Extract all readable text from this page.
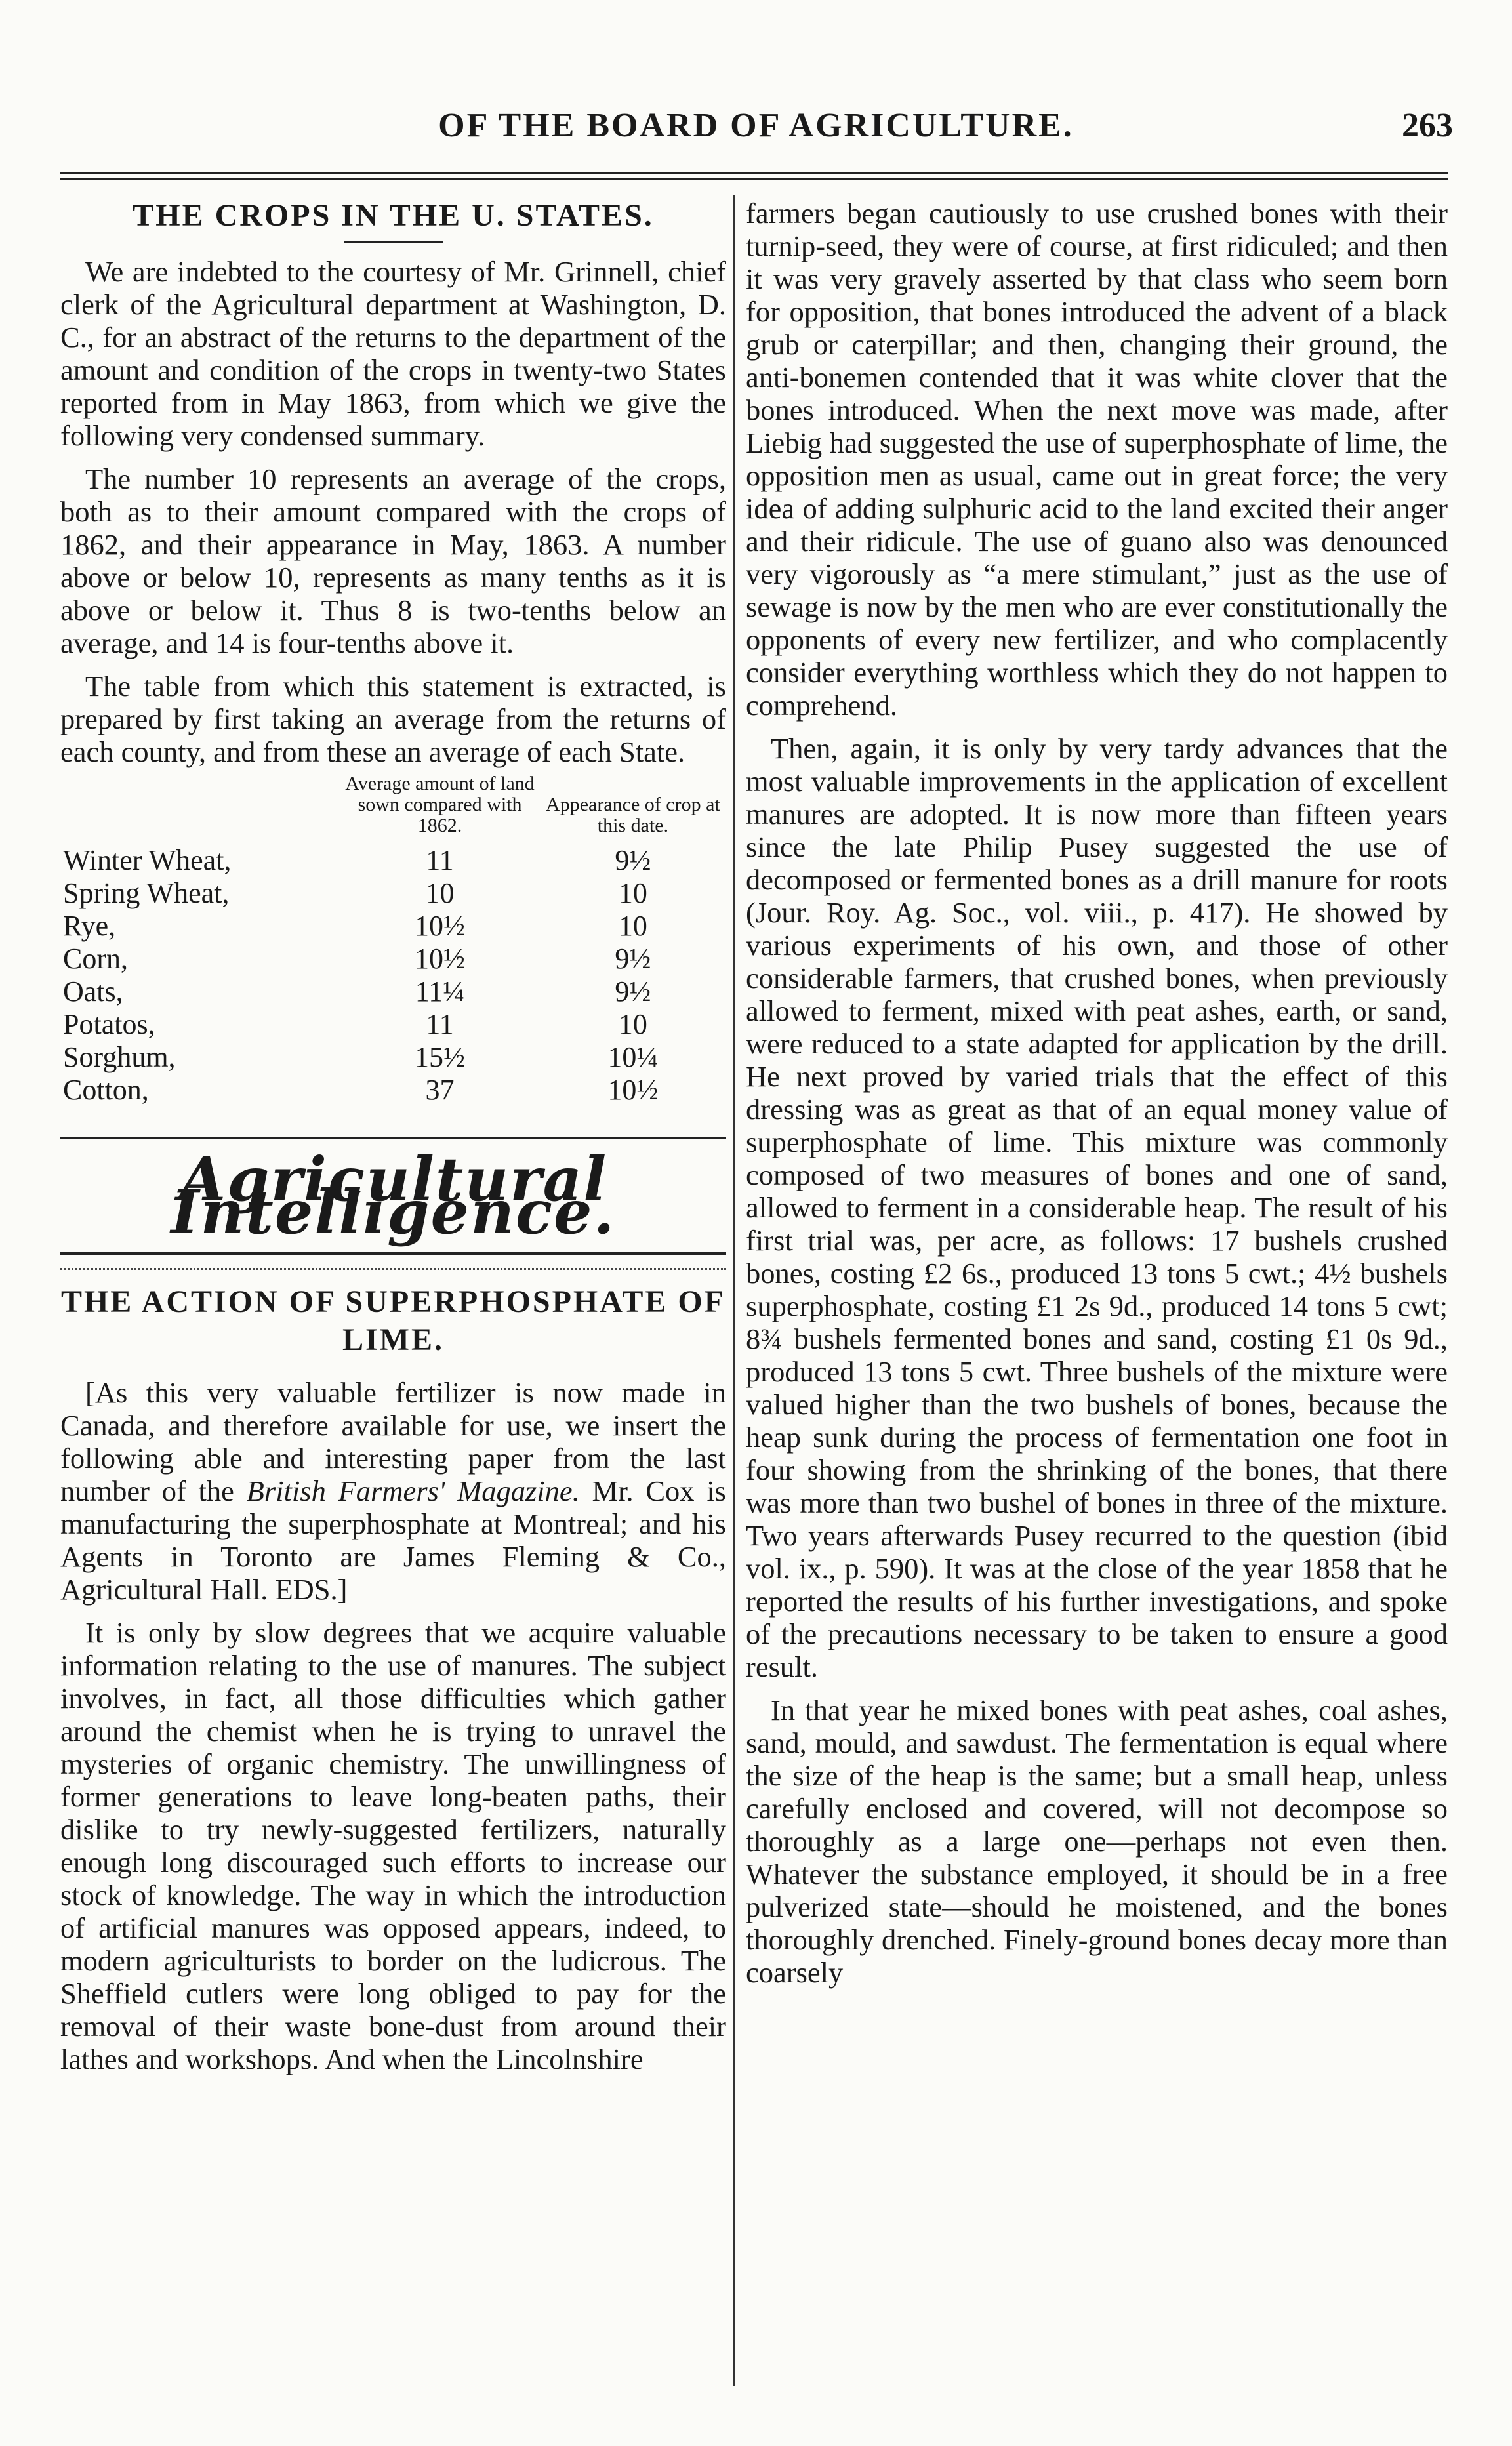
OF THE BOARD OF AGRICULTURE.	263
THE CROPS IN THE U. STATES.

We are indebted to the courtesy of Mr. Grinnell, chief clerk of the Agricultural department at Washington, D. C., for an abstract of the returns to the department of the amount and condition of the crops in twenty-two States reported from in May 1863, from which we give the following very condensed summary.

The number 10 represents an average of the crops, both as to their amount compared with the crops of 1862, and their appearance in May, 1863. A number above or below 10, represents as many tenths as it is above or below it. Thus 8 is two-tenths below an average, and 14 is four-tenths above it.

The table from which this statement is extracted, is prepared by first taking an average from the returns of each county, and from these an average of each State.

	Average amount of land sown compared with 1862.	Appearance of crop at this date.
Winter Wheat,	11	9½
Spring Wheat,	10	10
Rye,	10½	10
Corn,	10½	9½
Oats,	11¼	9½
Potatos,	11	10
Sorghum,	15½	10¼
Cotton,	37	10½
Agricultural Intelligence.
THE ACTION OF SUPERPHOSPHATE OF LIME.

[As this very valuable fertilizer is now made in Canada, and therefore available for use, we insert the following able and interesting paper from the last number of the British Farmers' Magazine. Mr. Cox is manufacturing the superphosphate at Montreal; and his Agents in Toronto are James Fleming & Co., Agricultural Hall. EDS.]

It is only by slow degrees that we acquire valuable information relating to the use of manures. The subject involves, in fact, all those difficulties which gather around the chemist when he is trying to unravel the mysteries of organic chemistry. The unwillingness of former generations to leave long-beaten paths, their dislike to try newly-suggested fertilizers, naturally enough long discouraged such efforts to increase our stock of knowledge. The way in which the introduction of artificial manures was opposed appears, indeed, to modern agriculturists to border on the ludicrous. The Sheffield cutlers were long obliged to pay for the removal of their waste bone-dust from around their lathes and workshops. And when the Lincolnshire

farmers began cautiously to use crushed bones with their turnip-seed, they were of course, at first ridiculed; and then it was very gravely asserted by that class who seem born for opposition, that bones introduced the advent of a black grub or caterpillar; and then, changing their ground, the anti-bonemen contended that it was white clover that the bones introduced. When the next move was made, after Liebig had suggested the use of superphosphate of lime, the opposition men as usual, came out in great force; the very idea of adding sulphuric acid to the land excited their anger and their ridicule. The use of guano also was denounced very vigorously as “a mere stimulant,” just as the use of sewage is now by the men who are ever constitutionally the opponents of every new fertilizer, and who complacently consider everything worthless which they do not happen to comprehend.

Then, again, it is only by very tardy advances that the most valuable improvements in the application of excellent manures are adopted. It is now more than fifteen years since the late Philip Pusey suggested the use of decomposed or fermented bones as a drill manure for roots (Jour. Roy. Ag. Soc., vol. viii., p. 417). He showed by various experiments of his own, and those of other considerable farmers, that crushed bones, when previously allowed to ferment, mixed with peat ashes, earth, or sand, were reduced to a state adapted for application by the drill. He next proved by varied trials that the effect of this dressing was as great as that of an equal money value of superphosphate of lime. This mixture was commonly composed of two measures of bones and one of sand, allowed to ferment in a considerable heap. The result of his first trial was, per acre, as follows: 17 bushels crushed bones, costing £2 6s., produced 13 tons 5 cwt.; 4½ bushels superphosphate, costing £1 2s 9d., produced 14 tons 5 cwt; 8¾ bushels fermented bones and sand, costing £1 0s 9d., produced 13 tons 5 cwt. Three bushels of the mixture were valued higher than the two bushels of bones, because the heap sunk during the process of fermentation one foot in four showing from the shrinking of the bones, that there was more than two bushel of bones in three of the mixture. Two years afterwards Pusey recurred to the question (ibid vol. ix., p. 590). It was at the close of the year 1858 that he reported the results of his further investigations, and spoke of the precautions necessary to be taken to ensure a good result.

In that year he mixed bones with peat ashes, coal ashes, sand, mould, and sawdust. The fermentation is equal where the size of the heap is the same; but a small heap, unless carefully enclosed and covered, will not decompose so thoroughly as a large one—perhaps not even then. Whatever the substance employed, it should be in a free pulverized state—should he moistened, and the bones thoroughly drenched. Finely-ground bones decay more than coarsely
